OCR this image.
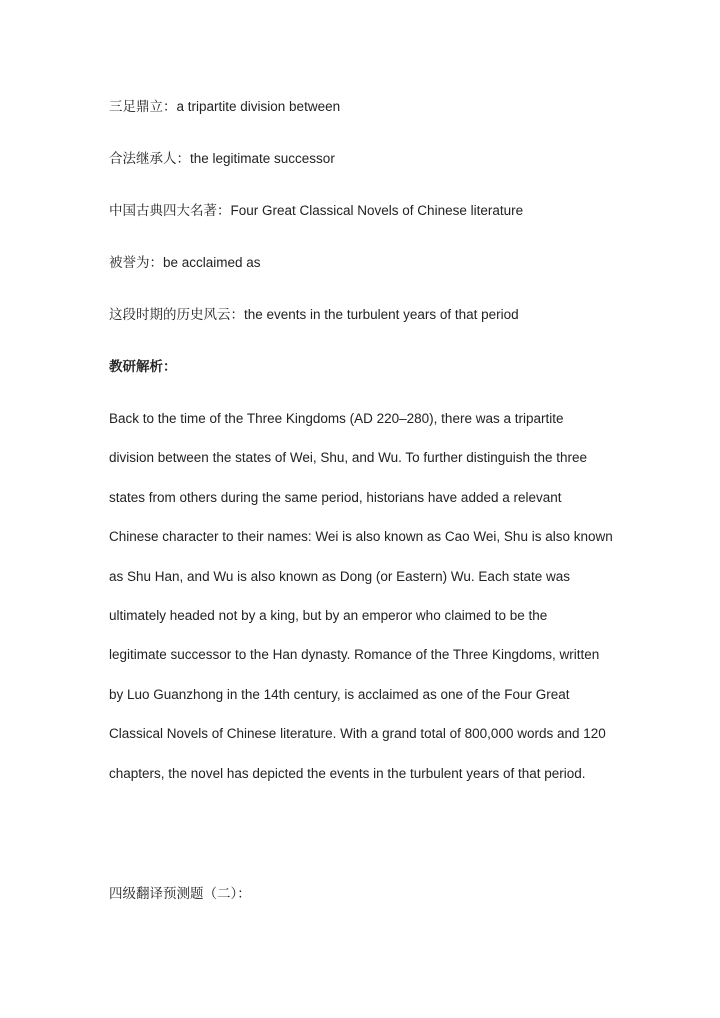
三足鼎立：a tripartite division between
合法继承人：the legitimate successor
中国古典四大名著：Four Great Classical Novels of Chinese literature
被誉为：be acclaimed as
这段时期的历史风云：the events in the turbulent years of that period
教研解析：
Back to the time of the Three Kingdoms (AD 220–280), there was a tripartite
division between the states of Wei, Shu, and Wu. To further distinguish the three
states from others during the same period, historians have added a relevant
Chinese character to their names: Wei is also known as Cao Wei, Shu is also known
as Shu Han, and Wu is also known as Dong (or Eastern) Wu. Each state was
ultimately headed not by a king, but by an emperor who claimed to be the
legitimate successor to the Han dynasty. Romance of the Three Kingdoms, written
by Luo Guanzhong in the 14th century, is acclaimed as one of the Four Great
Classical Novels of Chinese literature. With a grand total of 800,000 words and 120
chapters, the novel has depicted the events in the turbulent years of that period.
四级翻译预测题（二）：
